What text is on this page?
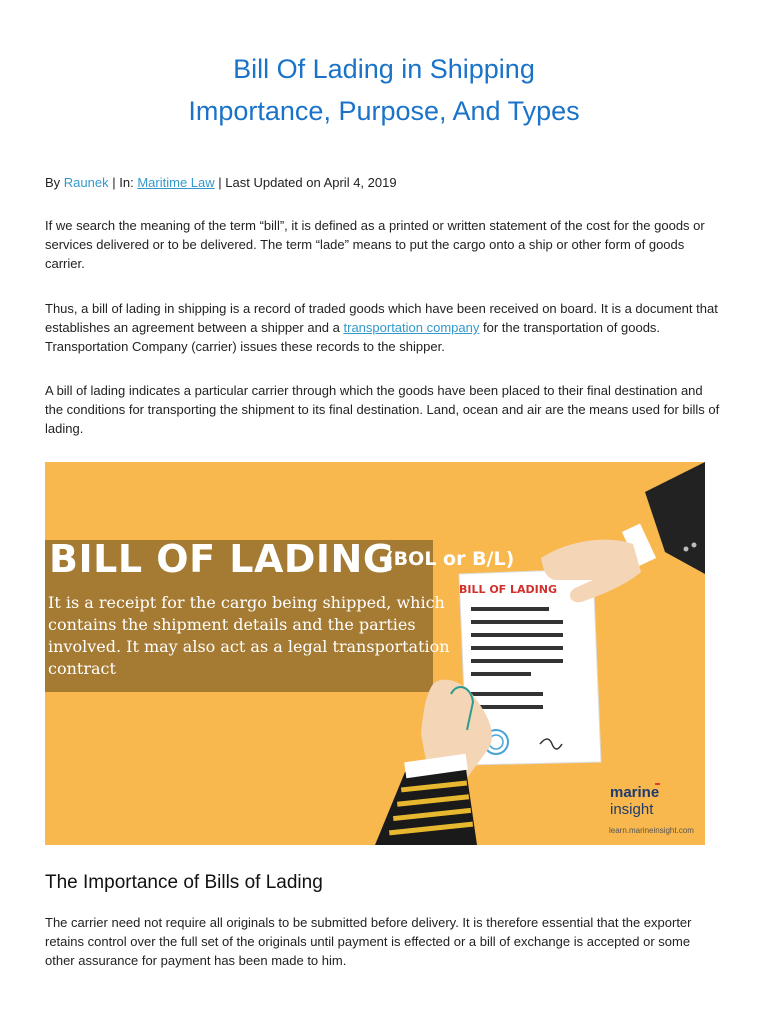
Bill Of Lading in Shipping
Importance, Purpose, And Types
By Raunek | In: Maritime Law | Last Updated on April 4, 2019

If we search the meaning of the term “bill”, it is defined as a printed or written statement of the cost for the goods or services delivered or to be delivered. The term “lade” means to put the cargo onto a ship or other form of goods carrier.

Thus, a bill of lading in shipping is a record of traded goods which have been received on board. It is a document that establishes an agreement between a shipper and a transportation company for the transportation of goods. Transportation Company (carrier) issues these records to the shipper.

A bill of lading indicates a particular carrier through which the goods have been placed to their final destination and the conditions for transporting the shipment to its final destination. Land, ocean and air are the means used for bills of lading.

BILL OF LADING
(BOL or B/L)
It is a receipt for the cargo being shipped, which contains the shipment details and the parties involved. It may also act as a legal transportation contract
BILL OF LADING
marine
insight
learn.marineinsight.com
The Importance of Bills of Lading

The carrier need not require all originals to be submitted before delivery. It is therefore essential that the exporter retains control over the full set of the originals until payment is effected or a bill of exchange is accepted or some other assurance for payment has been made to him.
